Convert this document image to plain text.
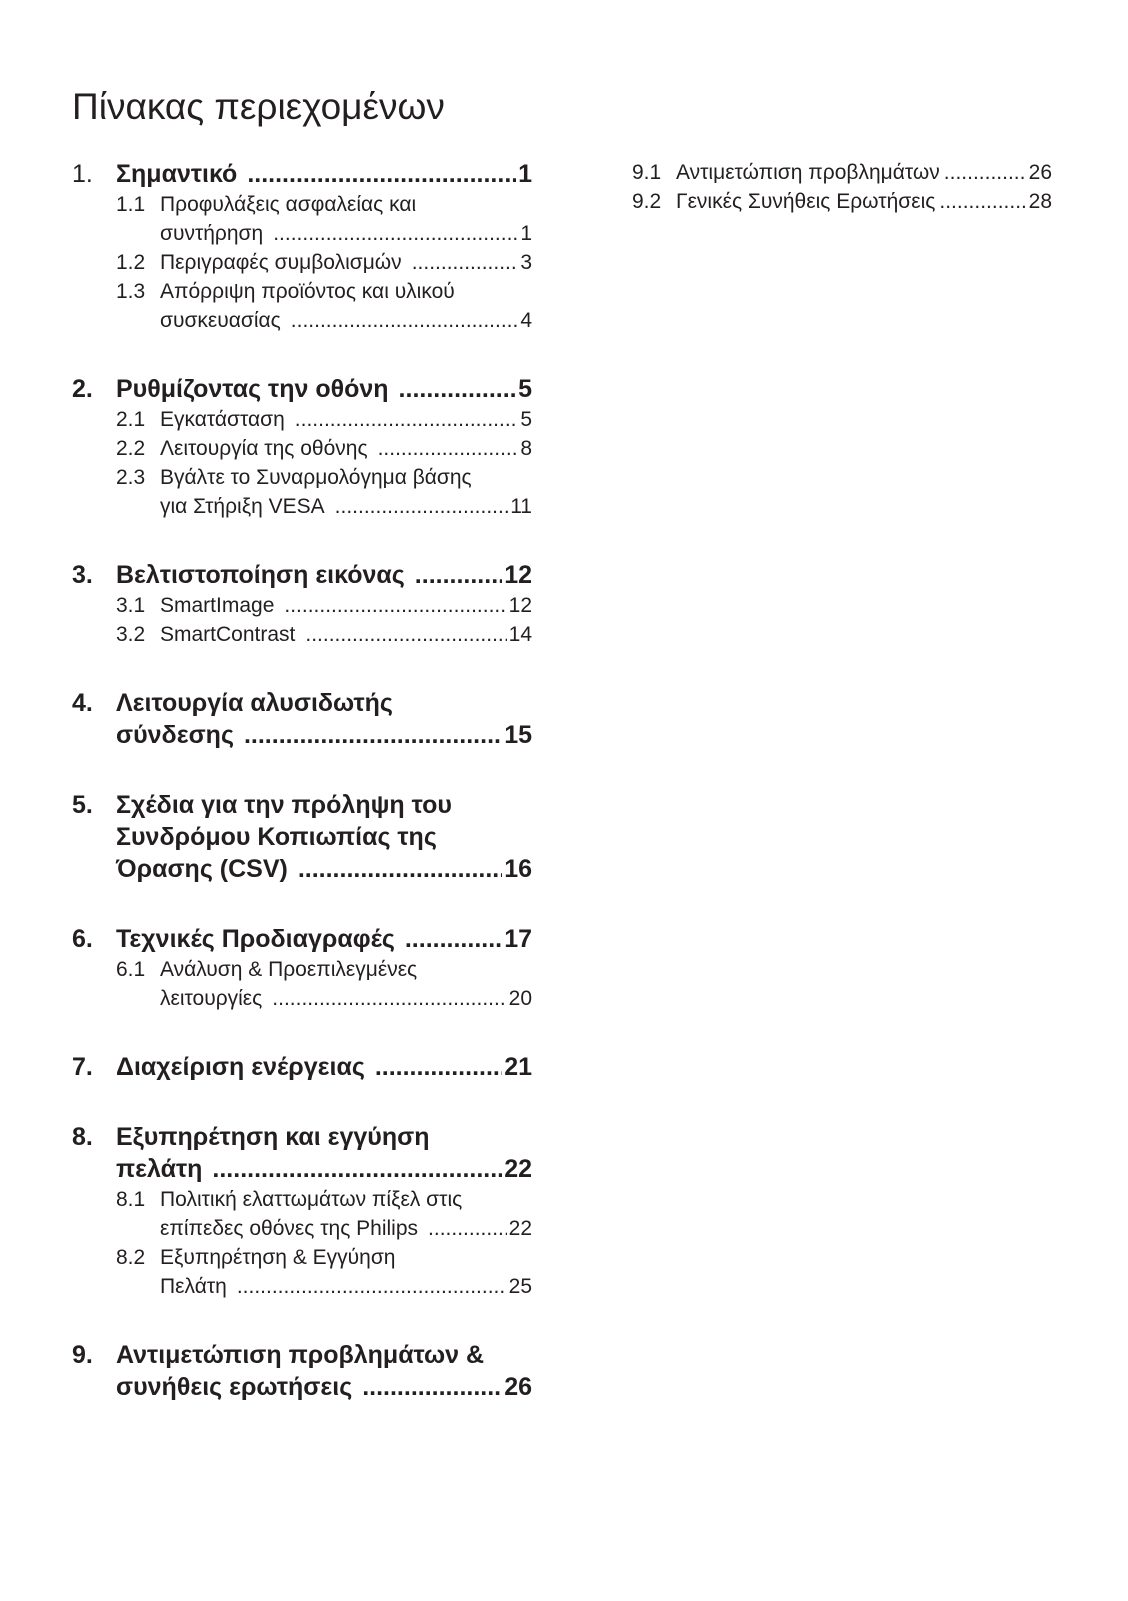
Πίνακας περιεχομένων
1. Σημαντικό .....	1
1.1 Προφυλάξεις ασφαλείας και
συντήρηση .....	1
1.2 Περιγραφές συμβολισμών .....	3
1.3 Απόρριψη προϊόντος και υλικού
συσκευασίας .....	4
2. Ρυθμίζοντας την οθόνη .....	5
2.1 Εγκατάσταση .....	5
2.2 Λειτουργία της οθόνης .....	8
2.3 Βγάλτε το Συναρμολόγημα βάσης
για Στήριξη VESA .....	11
3. Βελτιστοποίηση εικόνας .....	12
3.1 SmartImage .....	12
3.2 SmartContrast .....	14
4. Λειτουργία αλυσιδωτής
σύνδεσης .....	15
5. Σχέδια για την πρόληψη του
Συνδρόμου Κοπιωπίας της
Όρασης (CSV) .....	16
6. Τεχνικές Προδιαγραφές .....	17
6.1 Ανάλυση & Προεπιλεγμένες
λειτουργίες .....	20
7. Διαχείριση ενέργειας .....	21
8. Εξυπηρέτηση και εγγύηση
πελάτη .....	22
8.1 Πολιτική ελαττωμάτων πίξελ στις
επίπεδες οθόνες της Philips .....	22
8.2 Εξυπηρέτηση & Εγγύηση
Πελάτη .....	25
9. Αντιμετώπιση προβλημάτων &
συνήθεις ερωτήσεις .....	26
9.1 Αντιμετώπιση προβλημάτων .....	26
9.2 Γενικές Συνήθεις Ερωτήσεις .....	28
